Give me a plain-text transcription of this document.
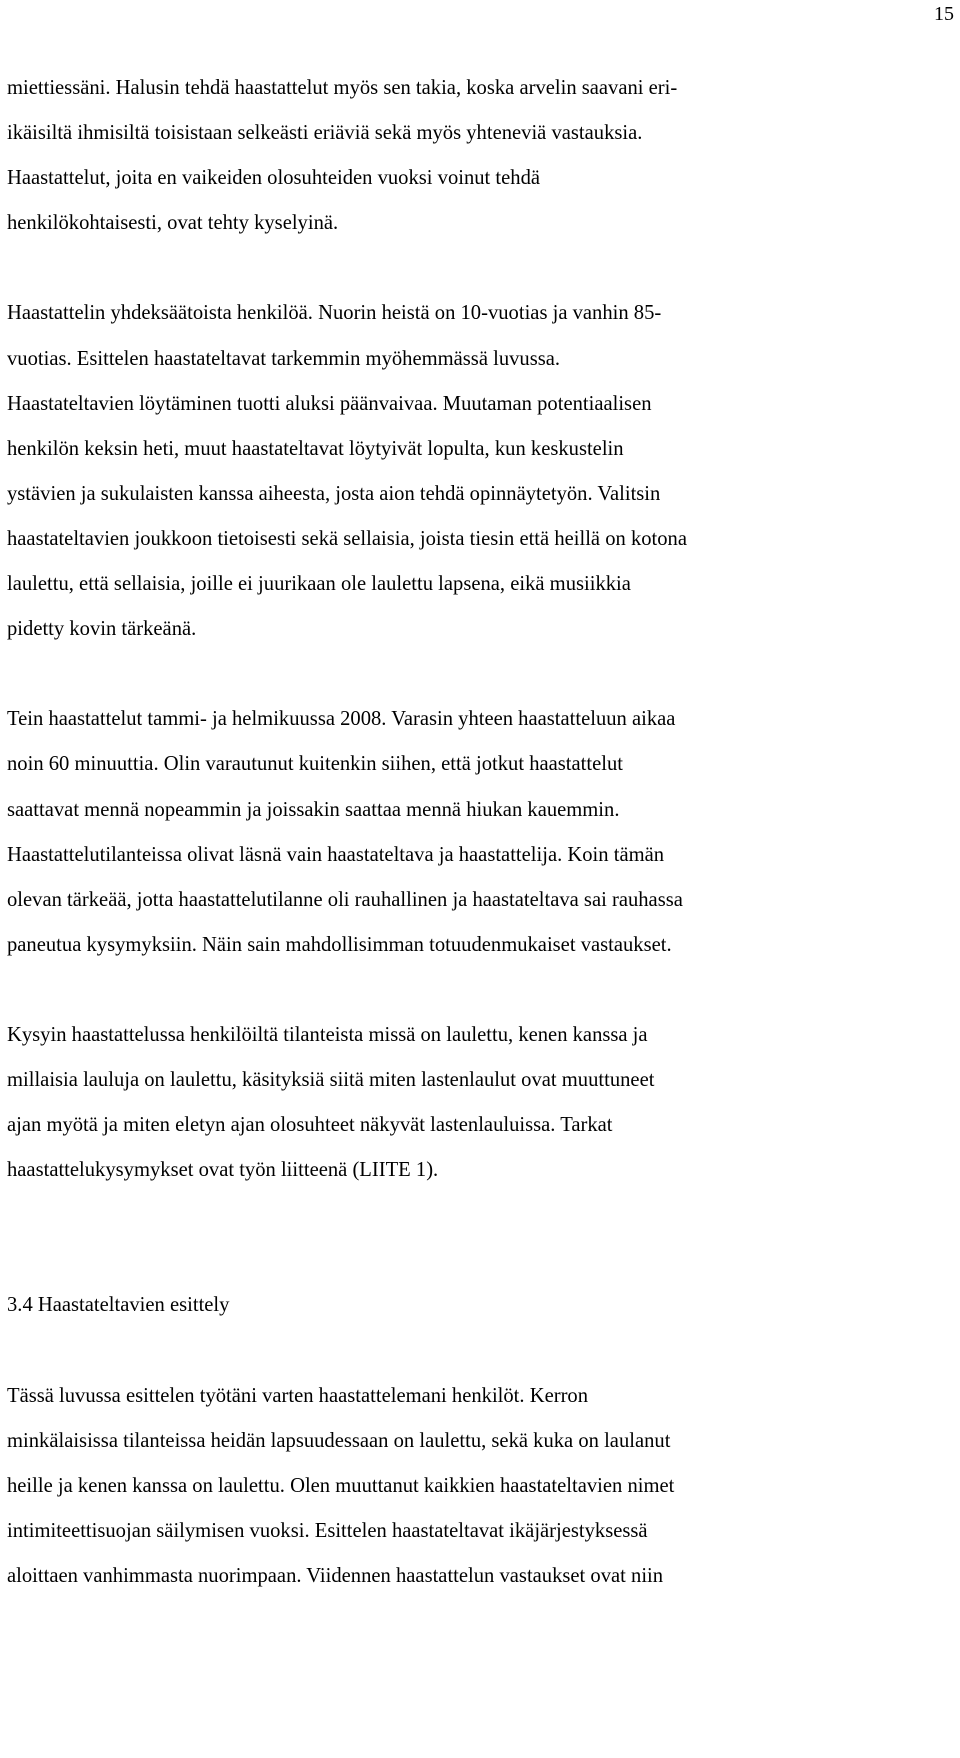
15
miettiessäni. Halusin tehdä haastattelut myös sen takia, koska arvelin saavani eri-
ikäisiltä ihmisiltä toisistaan selkeästi eriäviä sekä myös yhteneviä vastauksia.
Haastattelut, joita en vaikeiden olosuhteiden vuoksi voinut tehdä
henkilökohtaisesti, ovat tehty kyselyinä.
Haastattelin yhdeksäätoista henkilöä. Nuorin heistä on 10-vuotias ja vanhin 85-
vuotias. Esittelen haastateltavat tarkemmin myöhemmässä luvussa.
Haastateltavien löytäminen tuotti aluksi päänvaivaa. Muutaman potentiaalisen
henkilön keksin heti, muut haastateltavat löytyivät lopulta, kun keskustelin
ystävien ja sukulaisten kanssa aiheesta, josta aion tehdä opinnäytetyön. Valitsin
haastateltavien joukkoon tietoisesti sekä sellaisia, joista tiesin että heillä on kotona
laulettu, että sellaisia, joille ei juurikaan ole laulettu lapsena, eikä musiikkia
pidetty kovin tärkeänä.
Tein haastattelut tammi- ja helmikuussa 2008. Varasin yhteen haastatteluun aikaa
noin 60 minuuttia. Olin varautunut kuitenkin siihen, että jotkut haastattelut
saattavat mennä nopeammin ja joissakin saattaa mennä hiukan kauemmin.
Haastattelutilanteissa olivat läsnä vain haastateltava ja haastattelija. Koin tämän
olevan tärkeää, jotta haastattelutilanne oli rauhallinen ja haastateltava sai rauhassa
paneutua kysymyksiin. Näin sain mahdollisimman totuudenmukaiset vastaukset.
Kysyin haastattelussa henkilöiltä tilanteista missä on laulettu, kenen kanssa ja
millaisia lauluja on laulettu, käsityksiä siitä miten lastenlaulut ovat muuttuneet
ajan myötä ja miten eletyn ajan olosuhteet näkyvät lastenlauluissa. Tarkat
haastattelukysymykset ovat työn liitteenä (LIITE 1).
3.4 Haastateltavien esittely
Tässä luvussa esittelen työtäni varten haastattelemani henkilöt. Kerron
minkälaisissa tilanteissa heidän lapsuudessaan on laulettu, sekä kuka on laulanut
heille ja kenen kanssa on laulettu. Olen muuttanut kaikkien haastateltavien nimet
intimiteettisuojan säilymisen vuoksi. Esittelen haastateltavat ikäjärjestyksessä
aloittaen vanhimmasta nuorimpaan. Viidennen haastattelun vastaukset ovat niin
